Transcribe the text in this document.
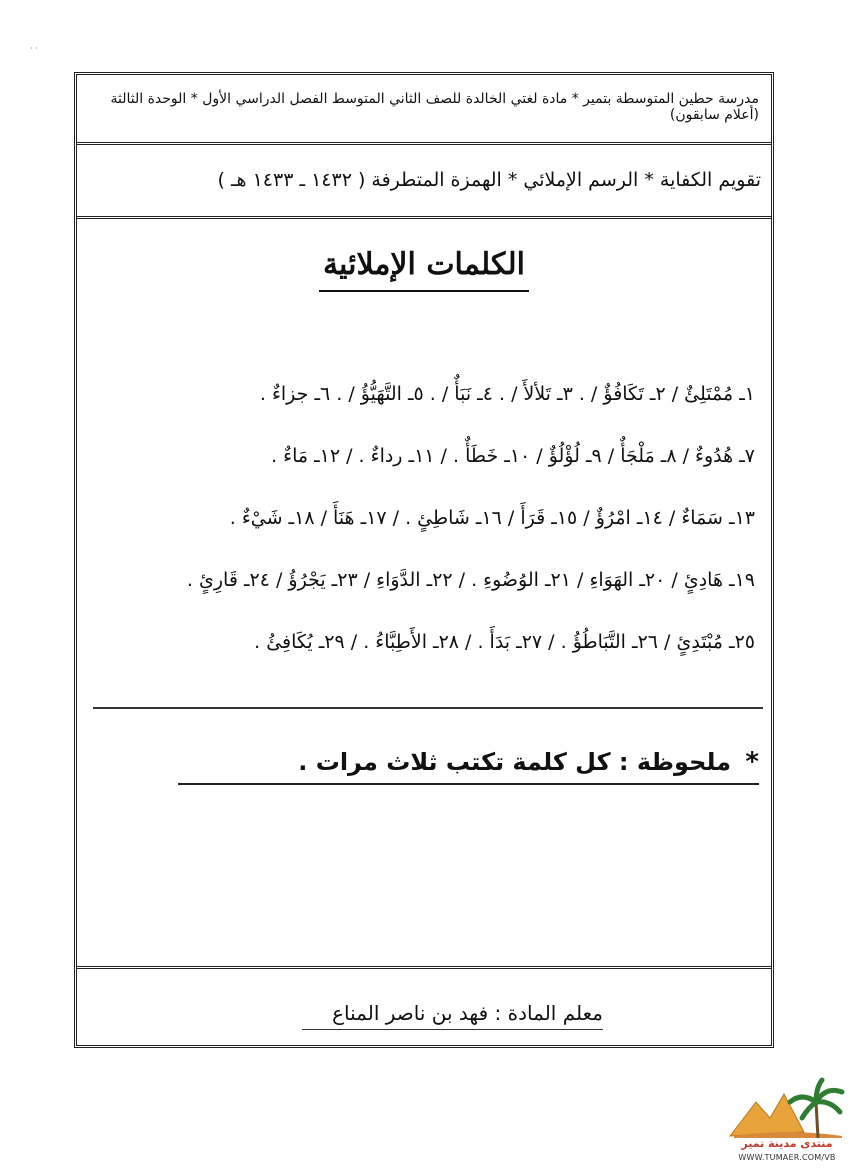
· ·
مدرسة حطين المتوسطة بتمير * مادة لغتي الخالدة للصف الثاني المتوسط الفصل الدراسي الأول * الوحدة الثالثة (أعلام سابقون)
تقويم الكفاية * الرسم الإملائي * الهمزة المتطرفة ( ١٤٣٢ ـ ١٤٣٣ هـ )
الكلمات الإملائية
١ـ مُمْتَلِئٌ / ٢ـ تَكَافُؤٌ / . ٣ـ تَلألأَ / . ٤ـ نَبَأٌ / . ٥ـ التَّهَيُّؤُ / . ٦ـ جزاءٌ .
٧ـ هُدُوءٌ / ٨ـ مَلْجَأٌ / ٩ـ لُؤْلُؤٌ / ١٠ـ خَطَأٌ . / ١١ـ رداءٌ . / ١٢ـ مَاءٌ .
١٣ـ سَمَاءٌ / ١٤ـ امْرُؤٌ / ١٥ـ قَرَأَ / ١٦ـ شَاطِئٍ . / ١٧ـ هَنَأَ / ١٨ـ شَيْءٌ .
١٩ـ هَادِئٍ / ٢٠ـ الهَوَاءِ / ٢١ـ الوُضُوءِ . / ٢٢ـ الدَّوَاءِ / ٢٣ـ يَجْرُؤُ / ٢٤ـ قَارِئٍ .
٢٥ـ مُبْتَدِئٍ / ٢٦ـ التَّبَاطُؤُ . / ٢٧ـ بَدَأَ . / ٢٨ـ الأَطِبَّاءُ . / ٢٩ـ يُكَافِئُ .
* ملحوظة : كل كلمة تكتب ثلاث مرات .
معلم المادة : فهد بن ناصر المناع
منتدى مدينة تمير
WWW.TUMAER.COM/VB
